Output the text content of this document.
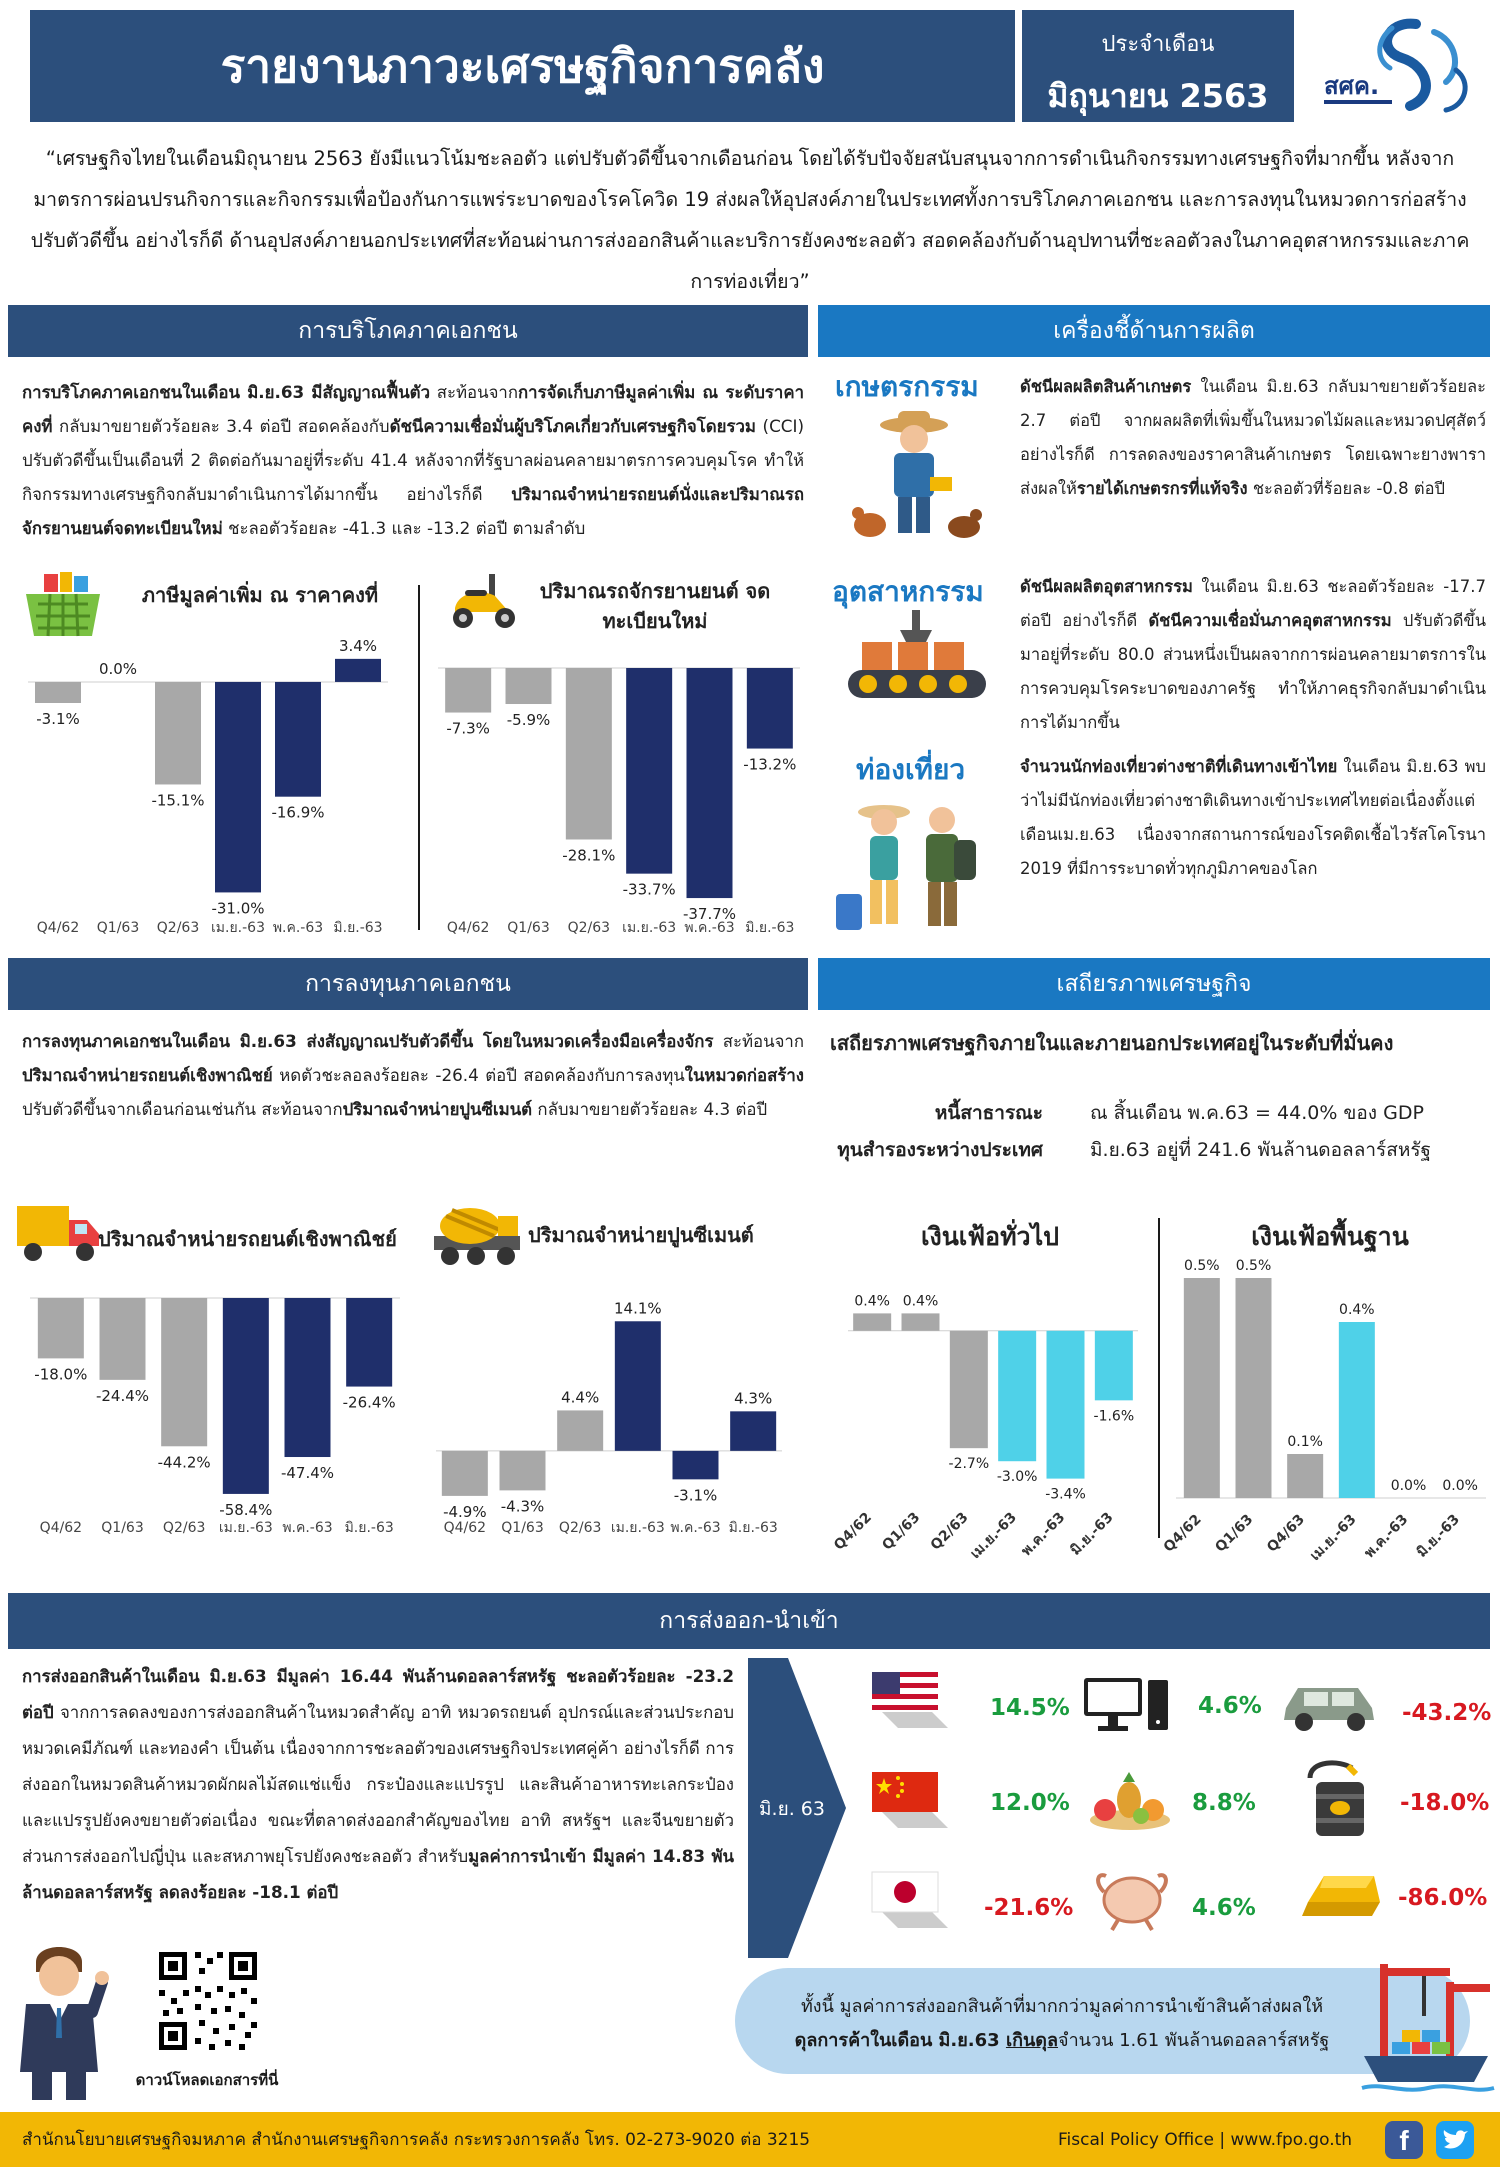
รายงานภาวะเศรษฐกิจการคลัง	ประจำเดือน
มิถุนายน 2563	สศค.
“เศรษฐกิจไทยในเดือนมิถุนายน 2563 ยังมีแนวโน้มชะลอตัว แต่ปรับตัวดีขึ้นจากเดือนก่อน โดยได้รับปัจจัยสนับสนุนจากการดำเนินกิจกรรมทางเศรษฐกิจที่มากขึ้น หลังจากมาตรการผ่อนปรนกิจการและกิจกรรมเพื่อป้องกันการแพร่ระบาดของโรคโควิด 19 ส่งผลให้อุปสงค์ภายในประเทศทั้งการบริโภคภาคเอกชน และการลงทุนในหมวดการก่อสร้างปรับตัวดีขึ้น อย่างไรก็ดี ด้านอุปสงค์ภายนอกประเทศที่สะท้อนผ่านการส่งออกสินค้าและบริการยังคงชะลอตัว สอดคล้องกับด้านอุปทานที่ชะลอตัวลงในภาคอุตสาหกรรมและภาคการท่องเที่ยว”
การบริโภคภาคเอกชน
การบริโภคภาคเอกชนในเดือน มิ.ย.63 มีสัญญาณฟื้นตัว สะท้อนจากการจัดเก็บภาษีมูลค่าเพิ่ม ณ ระดับราคาคงที่ กลับมาขยายตัวร้อยละ 3.4 ต่อปี สอดคล้องกับดัชนีความเชื่อมั่นผู้บริโภคเกี่ยวกับเศรษฐกิจโดยรวม (CCI) ปรับตัวดีขึ้นเป็นเดือนที่ 2 ติดต่อกันมาอยู่ที่ระดับ 41.4 หลังจากที่รัฐบาลผ่อนคลายมาตรการควบคุมโรค ทำให้กิจกรรมทางเศรษฐกิจกลับมาดำเนินการได้มากขึ้น อย่างไรก็ดี ปริมาณจำหน่ายรถยนต์นั่งและปริมาณรถจักรยานยนต์จดทะเบียนใหม่ ชะลอตัวร้อยละ -41.3 และ -13.2 ต่อปี ตามลำดับ
ภาษีมูลค่าเพิ่ม ณ ราคาคงที่
-3.1%
Q4/62
0.0%
Q1/63
-15.1%
Q2/63
-31.0%
เม.ย.-63
-16.9%
พ.ค.-63
3.4%
มิ.ย.-63
ปริมาณรถจักรยานยนต์ จดทะเบียนใหม่
-7.3%
Q4/62
-5.9%
Q1/63
-28.1%
Q2/63
-33.7%
เม.ย.-63
-37.7%
พ.ค.-63
-13.2%
มิ.ย.-63
เครื่องชี้ด้านการผลิต
เกษตรกรรม	ดัชนีผลผลิตสินค้าเกษตร ในเดือน มิ.ย.63 กลับมาขยายตัวร้อยละ 2.7 ต่อปี จากผลผลิตที่เพิ่มขึ้นในหมวดไม้ผลและหมวดปศุสัตว์ อย่างไรก็ดี การลดลงของราคาสินค้าเกษตร โดยเฉพาะยางพารา ส่งผลให้รายได้เกษตรกรที่แท้จริง ชะลอตัวที่ร้อยละ -0.8 ต่อปี
อุตสาหกรรม ดัชนีผลผลิตอุตสาหกรรม ในเดือน มิ.ย.63 ชะลอตัวร้อยละ -17.7 ต่อปี อย่างไรก็ดี ดัชนีความเชื่อมั่นภาคอุตสาหกรรม ปรับตัวดีขึ้นมาอยู่ที่ระดับ 80.0 ส่วนหนึ่งเป็นผลจากการผ่อนคลายมาตรการในการควบคุมโรคระบาดของภาครัฐ ทำให้ภาคธุรกิจกลับมาดำเนินการได้มากขึ้น
ท่องเที่ยว	จำนวนนักท่องเที่ยวต่างชาติที่เดินทางเข้าไทย ในเดือน มิ.ย.63 พบว่าไม่มีนักท่องเที่ยวต่างชาติเดินทางเข้าประเทศไทยต่อเนื่องตั้งแต่เดือนเม.ย.63 เนื่องจากสถานการณ์ของโรคติดเชื้อไวรัสโคโรนา 2019 ที่มีการระบาดทั่วทุกภูมิภาคของโลก
การลงทุนภาคเอกชน
การลงทุนภาคเอกชนในเดือน มิ.ย.63 ส่งสัญญาณปรับตัวดีขึ้น โดยในหมวดเครื่องมือเครื่องจักร สะท้อนจากปริมาณจำหน่ายรถยนต์เชิงพาณิชย์ หดตัวชะลอลงร้อยละ -26.4 ต่อปี สอดคล้องกับการลงทุนในหมวดก่อสร้างปรับตัวดีขึ้นจากเดือนก่อนเช่นกัน สะท้อนจากปริมาณจำหน่ายปูนซีเมนต์ กลับมาขยายตัวร้อยละ 4.3 ต่อปี
ปริมาณจำหน่ายรถยนต์เชิงพาณิชย์
-18.0%
Q4/62
-24.4%
Q1/63
-44.2%
Q2/63
-58.4%
เม.ย.-63
-47.4%
พ.ค.-63
-26.4%
มิ.ย.-63
ปริมาณจำหน่ายปูนซีเมนต์
-4.9%
Q4/62
-4.3%
Q1/63
4.4%
Q2/63
14.1%
เม.ย.-63
-3.1%
พ.ค.-63
4.3%
มิ.ย.-63
เสถียรภาพเศรษฐกิจ
เสถียรภาพเศรษฐกิจภายในและภายนอกประเทศอยู่ในระดับที่มั่นคง
หนี้สาธารณะ ณ สิ้นเดือน พ.ค.63 = 44.0% ของ GDP
ทุนสำรองระหว่างประเทศ มิ.ย.63 อยู่ที่ 241.6 พันล้านดอลลาร์สหรัฐ
เงินเฟ้อทั่วไป
0.4%
Q4/62
0.4%
Q1/63
-2.7%
Q2/63
-3.0%
เม.ย.-63
-3.4%
พ.ค.-63
-1.6%
มิ.ย.-63
เงินเฟ้อพื้นฐาน
0.5%
Q4/62
0.5%
Q1/63
0.1%
Q4/63
0.4%
เม.ย.-63
0.0%
พ.ค.-63
0.0%
มิ.ย.-63
การส่งออก-นำเข้า
การส่งออกสินค้าในเดือน มิ.ย.63 มีมูลค่า 16.44 พันล้านดอลลาร์สหรัฐ ชะลอตัวร้อยละ -23.2 ต่อปี จากการลดลงของการส่งออกสินค้าในหมวดสำคัญ อาทิ หมวดรถยนต์ อุปกรณ์และส่วนประกอบ หมวดเคมีภัณฑ์ และทองคำ เป็นต้น เนื่องจากการชะลอตัวของเศรษฐกิจประเทศคู่ค้า อย่างไรก็ดี การส่งออกในหมวดสินค้าหมวดผักผลไม้สดแช่แข็ง กระป๋องและแปรรูป และสินค้าอาหารทะเลกระป๋องและแปรรูปยังคงขยายตัวต่อเนื่อง ขณะที่ตลาดส่งออกสำคัญของไทย อาทิ สหรัฐฯ และจีนขยายตัว ส่วนการส่งออกไปญี่ปุ่น และสหภาพยุโรปยังคงชะลอตัว สำหรับมูลค่าการนำเข้า มีมูลค่า 14.83 พันล้านดอลลาร์สหรัฐ ลดลงร้อยละ -18.1 ต่อปี
มิ.ย. 63
14.5%	4.6%	-43.2%
12.0%	8.8%	-18.0%
-21.6%	4.6%	-86.0%
ดาวน์โหลดเอกสารที่นี่
ทั้งนี้ มูลค่าการส่งออกสินค้าที่มากกว่ามูลค่าการนำเข้าสินค้าส่งผลให้
ดุลการค้าในเดือน มิ.ย.63 เกินดุลจำนวน 1.61 พันล้านดอลลาร์สหรัฐ
สำนักนโยบายเศรษฐกิจมหภาค สำนักงานเศรษฐกิจการคลัง กระทรวงการคลัง โทร. 02-273-9020 ต่อ 3215	Fiscal Policy Office | www.fpo.go.th	f
